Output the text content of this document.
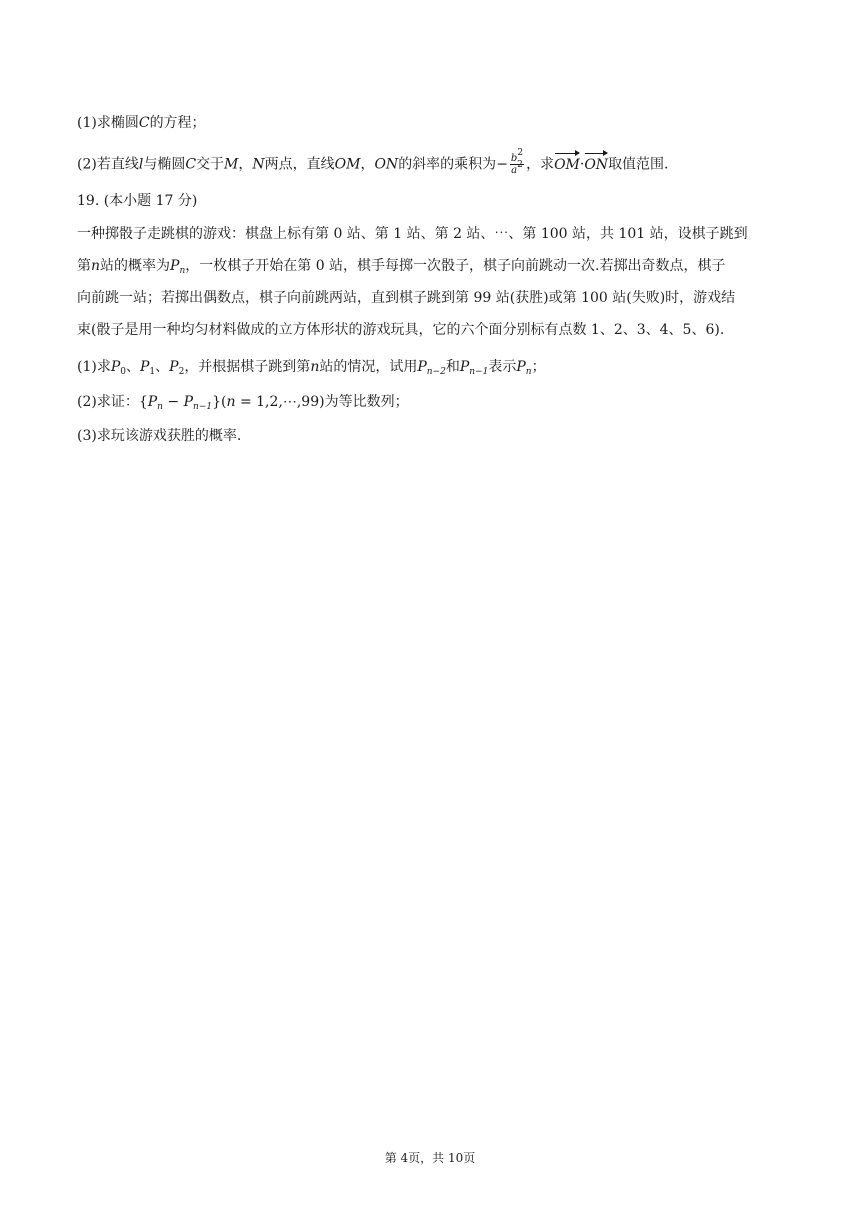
(1)求椭圆C的方程；
(2)若直线l与椭圆C交于M，N两点，直线OM，ON的斜率的乘积为− $\frac{b^2}{a^2}$ ，求OM·ON取值范围.
19. (本小题 17 分)
一种掷骰子走跳棋的游戏：棋盘上标有第 0 站、第 1 站、第 2 站、⋯、第 100 站，共 101 站，设棋子跳到
第n站的概率为$P_n$，一枚棋子开始在第 0 站，棋手每掷一次骰子，棋子向前跳动一次.若掷出奇数点，棋子
向前跳一站；若掷出偶数点，棋子向前跳两站，直到棋子跳到第 99 站(获胜)或第 100 站(失败)时，游戏结
束(骰子是用一种均匀材料做成的立方体形状的游戏玩具，它的六个面分别标有点数 1、2、3、4、5、6).
(1)求$P_0$、$P_1$、$P_2$，并根据棋子跳到第n站的情况，试用$P_{n-2}$和$P_{n-1}$表示$P_n$；
(2)求证：$\{P_n - P_{n-1}\}(n$ = 1,2,⋯,99)为等比数列；
(3)求玩该游戏获胜的概率.
第 4页，共 10页
